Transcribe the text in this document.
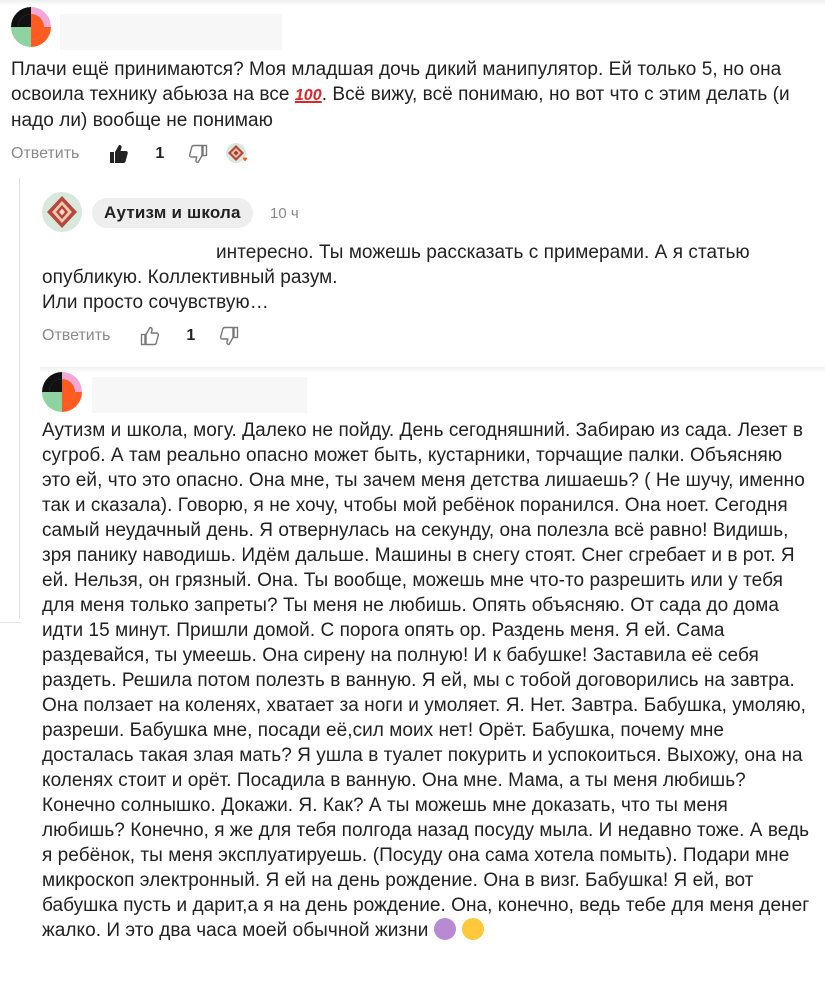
Плачи ещё принимаются? Моя младшая дочь дикий манипулятор. Ей только 5, но она освоила технику абьюза на все 100. Всё вижу, всё понимаю, но вот что с этим делать (и надо ли) вообще не понимаю
Ответить	1
Аутизм и школа	10 ч
интересно. Ты можешь рассказать с примерами. А я статью
опубликую. Коллективный разум.
Или просто сочувствую…
Ответить	1
Аутизм и школа, могу. Далеко не пойду. День сегодняшний. Забираю из сада. Лезет в сугроб. А там реально опасно может быть, кустарники, торчащие палки. Объясняю это ей, что это опасно. Она мне, ты зачем меня детства лишаешь? ( Не шучу, именно так и сказала). Говорю, я не хочу, чтобы мой ребёнок поранился. Она ноет. Сегодня самый неудачный день. Я отвернулась на секунду, она полезла всё равно! Видишь, зря панику наводишь. Идём дальше. Машины в снегу стоят. Снег сгребает и в рот. Я ей. Нельзя, он грязный. Она. Ты вообще, можешь мне что-то разрешить или у тебя для меня только запреты? Ты меня не любишь. Опять объясняю. От сада до дома идти 15 минут. Пришли домой. С порога опять ор. Раздень меня. Я ей. Сама раздевайся, ты умеешь. Она сирену на полную! И к бабушке! Заставила её себя раздеть. Решила потом полезть в ванную. Я ей, мы с тобой договорились на завтра. Она ползает на коленях, хватает за ноги и умоляет. Я. Нет. Завтра. Бабушка, умоляю, разреши. Бабушка мне, посади её,сил моих нет! Орёт. Бабушка, почему мне досталась такая злая мать? Я ушла в туалет покурить и успокоиться. Выхожу, она на коленях стоит и орёт. Посадила в ванную. Она мне. Мама, а ты меня любишь? Конечно солнышко. Докажи. Я. Как? А ты можешь мне доказать, что ты меня любишь? Конечно, я же для тебя полгода назад посуду мыла. И недавно тоже. А ведь я ребёнок, ты меня эксплуатируешь. (Посуду она сама хотела помыть). Подари мне микроскоп электронный. Я ей на день рождение. Она в визг. Бабушка! Я ей, вот бабушка пусть и дарит,а я на день рождение. Она, конечно, ведь тебе для меня денег жалко. И это два часа моей обычной жизни
